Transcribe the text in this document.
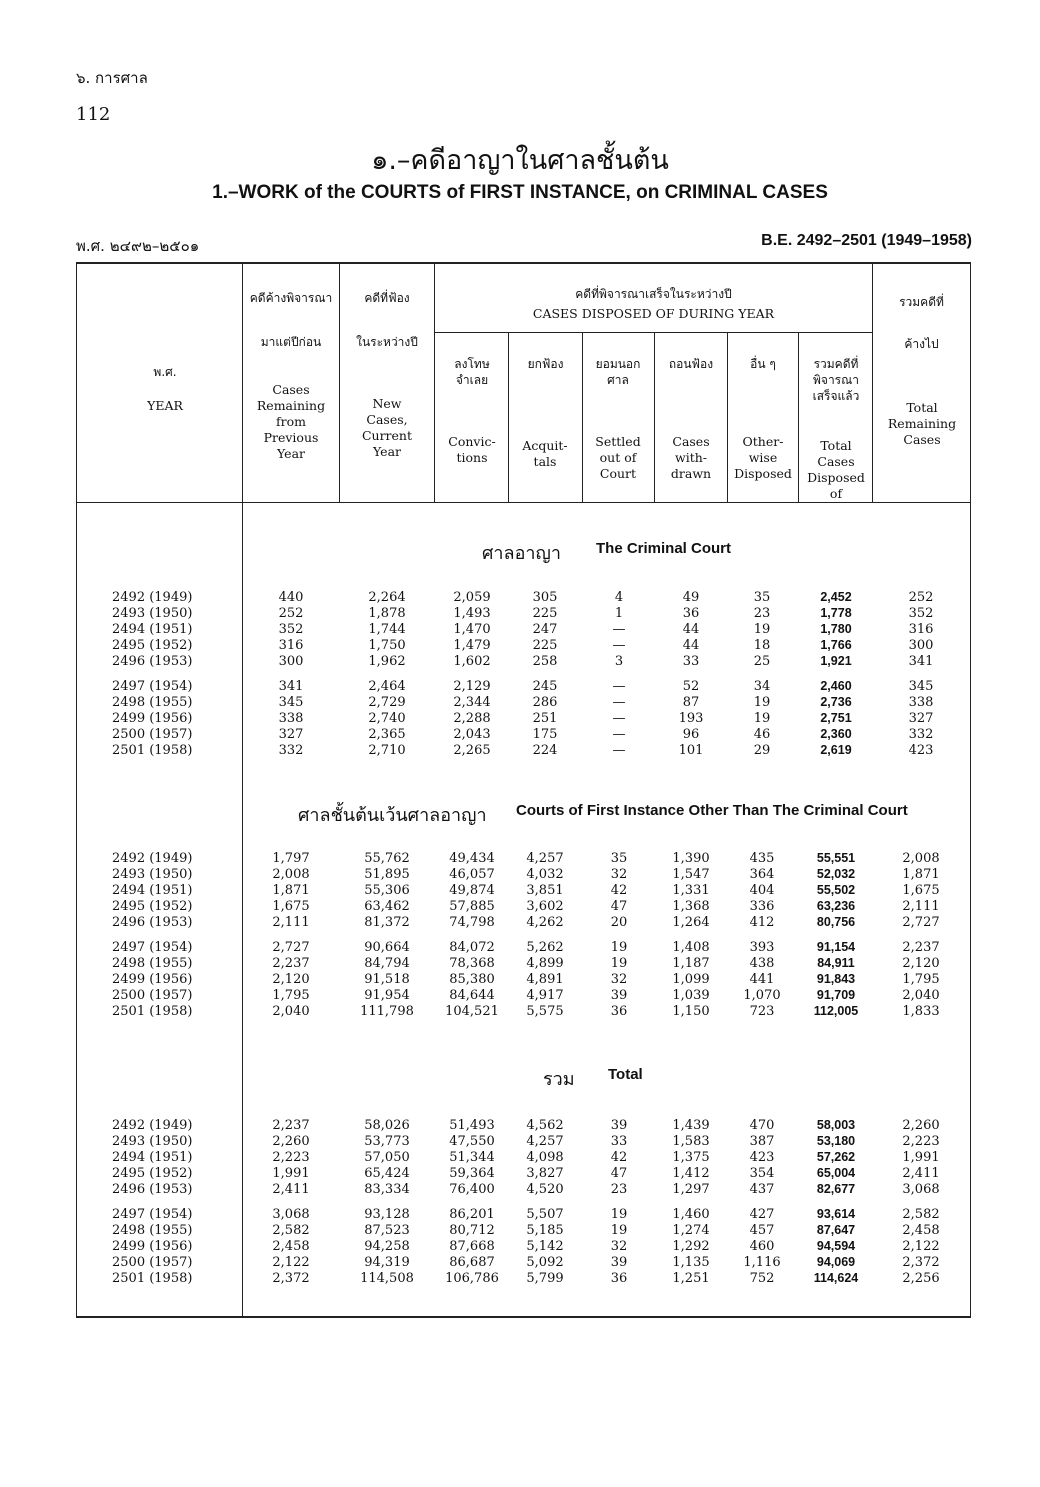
๖. การศาล
112
๑.–คดีอาญาในศาลชั้นต้น
1.–WORK of the COURTS of FIRST INSTANCE, on CRIMINAL CASES
พ.ศ. ๒๔๙๒–๒๕๐๑	B.E. 2492–2501 (1949–1958)
พ.ศ.
YEAR
คดีค้างพิจารณา
มาแต่ปีก่อน
Cases Remaining from Previous Year
คดีที่ฟ้อง
ในระหว่างปี
New Cases, Current Year
คดีที่พิจารณาเสร็จในระหว่างปี
CASES DISPOSED OF DURING YEAR
ลงโทษ จำเลย
Convic- tions
ยกฟ้อง
Acquit- tals
ยอมนอก ศาล
Settled out of Court
ถอนฟ้อง
Cases with- drawn
อื่น ๆ
Other- wise Disposed
รวมคดีที่ พิจารณา เสร็จแล้ว
Total Cases Disposed of
รวมคดีที่
ค้างไป
Total Remaining Cases
ศาลอาญา The Criminal Court
ศาลชั้นต้นเว้นศาลอาญา Courts of First Instance Other Than The Criminal Court
รวม Total
2492 (1949)	440	2,264	2,059	305	4	49	35	2,452	252
2493 (1950)	252	1,878	1,493	225	1	36	23	1,778	352
2494 (1951)	352	1,744	1,470	247	—	44	19	1,780	316
2495 (1952)	316	1,750	1,479	225	—	44	18	1,766	300
2496 (1953)	300	1,962	1,602	258	3	33	25	1,921	341
2497 (1954)	341	2,464	2,129	245	—	52	34	2,460	345
2498 (1955)	345	2,729	2,344	286	—	87	19	2,736	338
2499 (1956)	338	2,740	2,288	251	—	193	19	2,751	327
2500 (1957)	327	2,365	2,043	175	—	96	46	2,360	332
2501 (1958)	332	2,710	2,265	224	—	101	29	2,619	423
2492 (1949)	1,797	55,762	49,434	4,257	35	1,390	435	55,551	2,008
2493 (1950)	2,008	51,895	46,057	4,032	32	1,547	364	52,032	1,871
2494 (1951)	1,871	55,306	49,874	3,851	42	1,331	404	55,502	1,675
2495 (1952)	1,675	63,462	57,885	3,602	47	1,368	336	63,236	2,111
2496 (1953)	2,111	81,372	74,798	4,262	20	1,264	412	80,756	2,727
2497 (1954)	2,727	90,664	84,072	5,262	19	1,408	393	91,154	2,237
2498 (1955)	2,237	84,794	78,368	4,899	19	1,187	438	84,911	2,120
2499 (1956)	2,120	91,518	85,380	4,891	32	1,099	441	91,843	1,795
2500 (1957)	1,795	91,954	84,644	4,917	39	1,039	1,070	91,709	2,040
2501 (1958)	2,040	111,798	104,521	5,575	36	1,150	723	112,005	1,833
2492 (1949)	2,237	58,026	51,493	4,562	39	1,439	470	58,003	2,260
2493 (1950)	2,260	53,773	47,550	4,257	33	1,583	387	53,180	2,223
2494 (1951)	2,223	57,050	51,344	4,098	42	1,375	423	57,262	1,991
2495 (1952)	1,991	65,424	59,364	3,827	47	1,412	354	65,004	2,411
2496 (1953)	2,411	83,334	76,400	4,520	23	1,297	437	82,677	3,068
2497 (1954)	3,068	93,128	86,201	5,507	19	1,460	427	93,614	2,582
2498 (1955)	2,582	87,523	80,712	5,185	19	1,274	457	87,647	2,458
2499 (1956)	2,458	94,258	87,668	5,142	32	1,292	460	94,594	2,122
2500 (1957)	2,122	94,319	86,687	5,092	39	1,135	1,116	94,069	2,372
2501 (1958)	2,372	114,508	106,786	5,799	36	1,251	752	114,624	2,256
